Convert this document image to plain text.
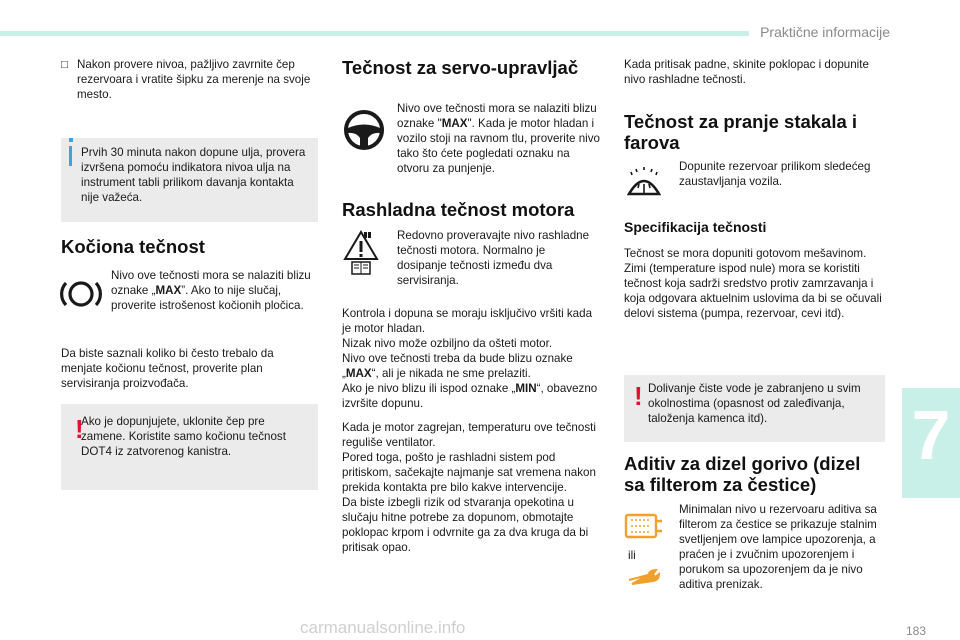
Praktične informacije
7
carmanualsonline.info	183
□ Nakon provere nivoa, pažljivo zavrnite čep rezervoara i vratite šipku za merenje na svoje mesto.
Prvih 30 minuta nakon dopune ulja, provera izvršena pomoću indikatora nivoa ulja na instrument tabli prilikom davanja kontakta nije važeća.
Kočiona tečnost
Nivo ove tečnosti mora se nalaziti blizu oznake „MAX”. Ako to nije slučaj, proverite istrošenost kočionih pločica.
Da biste saznali koliko bi često trebalo da menjate kočionu tečnost, proverite plan servisiranja proizvođača.
!
Ako je dopunjujete, uklonite čep pre zamene. Koristite samo kočionu tečnost DOT4 iz zatvorenog kanistra.
Tečnost za servo-upravljač
Nivo ove tečnosti mora se nalaziti blizu oznake "MAX". Kada je motor hladan i vozilo stoji na ravnom tlu, proverite nivo tako što ćete pogledati oznaku na otvoru za punjenje.
Rashladna tečnost motora
Redovno proveravajte nivo rashladne tečnosti motora. Normalno je dosipanje tečnosti između dva servisiranja.
Kontrola i dopuna se moraju isključivo vršiti kada je motor hladan.
Nizak nivo može ozbiljno da ošteti motor.
Nivo ove tečnosti treba da bude blizu oznake „MAX“, ali je nikada ne sme prelaziti.
Ako je nivo blizu ili ispod oznake „MIN“, obavezno izvršite dopunu.
Kada je motor zagrejan, temperaturu ove tečnosti reguliše ventilator.
Pored toga, pošto je rashladni sistem pod pritiskom, sačekajte najmanje sat vremena nakon prekida kontakta pre bilo kakve intervencije.
Da biste izbegli rizik od stvaranja opekotina u slučaju hitne potrebe za dopunom, obmotajte poklopac krpom i odvrnite ga za dva kruga da bi pritisak opao.
Kada pritisak padne, skinite poklopac i dopunite nivo rashladne tečnosti.
Tečnost za pranje stakala i farova
Dopunite rezervoar prilikom sledećeg zaustavljanja vozila.
Specifikacija tečnosti
Tečnost se mora dopuniti gotovom mešavinom. Zimi (temperature ispod nule) mora se koristiti tečnost koja sadrži sredstvo protiv zamrzavanja i koja odgovara aktuelnim uslovima da bi se očuvali delovi sistema (pumpa, rezervoar, cevi itd).
! Dolivanje čiste vode je zabranjeno u svim okolnostima (opasnost od zaleđivanja, taloženja kamenca itd).
Aditiv za dizel gorivo (dizel sa filterom za čestice)
ili
Minimalan nivo u rezervoaru aditiva sa filterom za čestice se prikazuje stalnim svetljenjem ove lampice upozorenja, a praćen je i zvučnim upozorenjem i porukom sa upozorenjem da je nivo aditiva prenizak.
